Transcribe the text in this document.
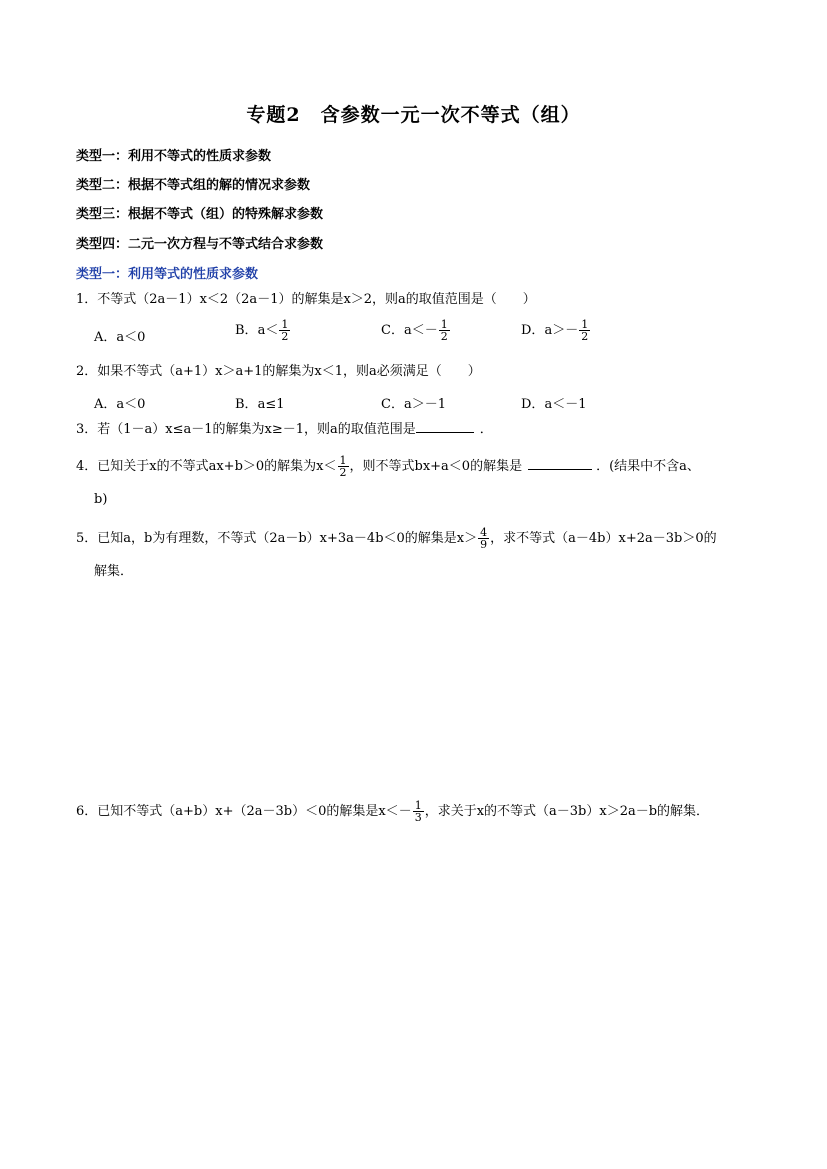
专题2　含参数一元一次不等式（组）
类型一：利用不等式的性质求参数
类型二：根据不等式组的解的情况求参数
类型三：根据不等式（组）的特殊解求参数
类型四：二元一次方程与不等式结合求参数
类型一：利用等式的性质求参数
1．不等式（2a－1）x＜2（2a－1）的解集是x＞2，则a的取值范围是（　　）
A．a＜0	B．$a< \frac{1}{2}$	C．$a<- \frac{1}{2}$	D．$a>- \frac{1}{2}$
2．如果不等式（a+1）x＞a+1的解集为x＜1，则a必须满足（　　）
A．a＜0	B．a≤1	C．a＞－1	D．a＜－1
3．若（1－a）x≤a－1的解集为x≥－1，则a的取值范围是	．
4．已知关于x的不等式ax+b＞0的解集为$x< \frac{1}{2}$ ，则不等式bx+a＜0的解集是	．(结果中不含a、
b)
5．已知a，b为有理数，不等式（2a－b）x+3a－4b＜0的解集是$x> \frac{4}{9}$ ，求不等式（a－4b）x+2a－3b＞0的
解集．
6．已知不等式（a+b）x+（2a－3b）＜0的解集是$x<- \frac{1}{3}$ ，求关于x的不等式（a－3b）x＞2a－b的解集．
